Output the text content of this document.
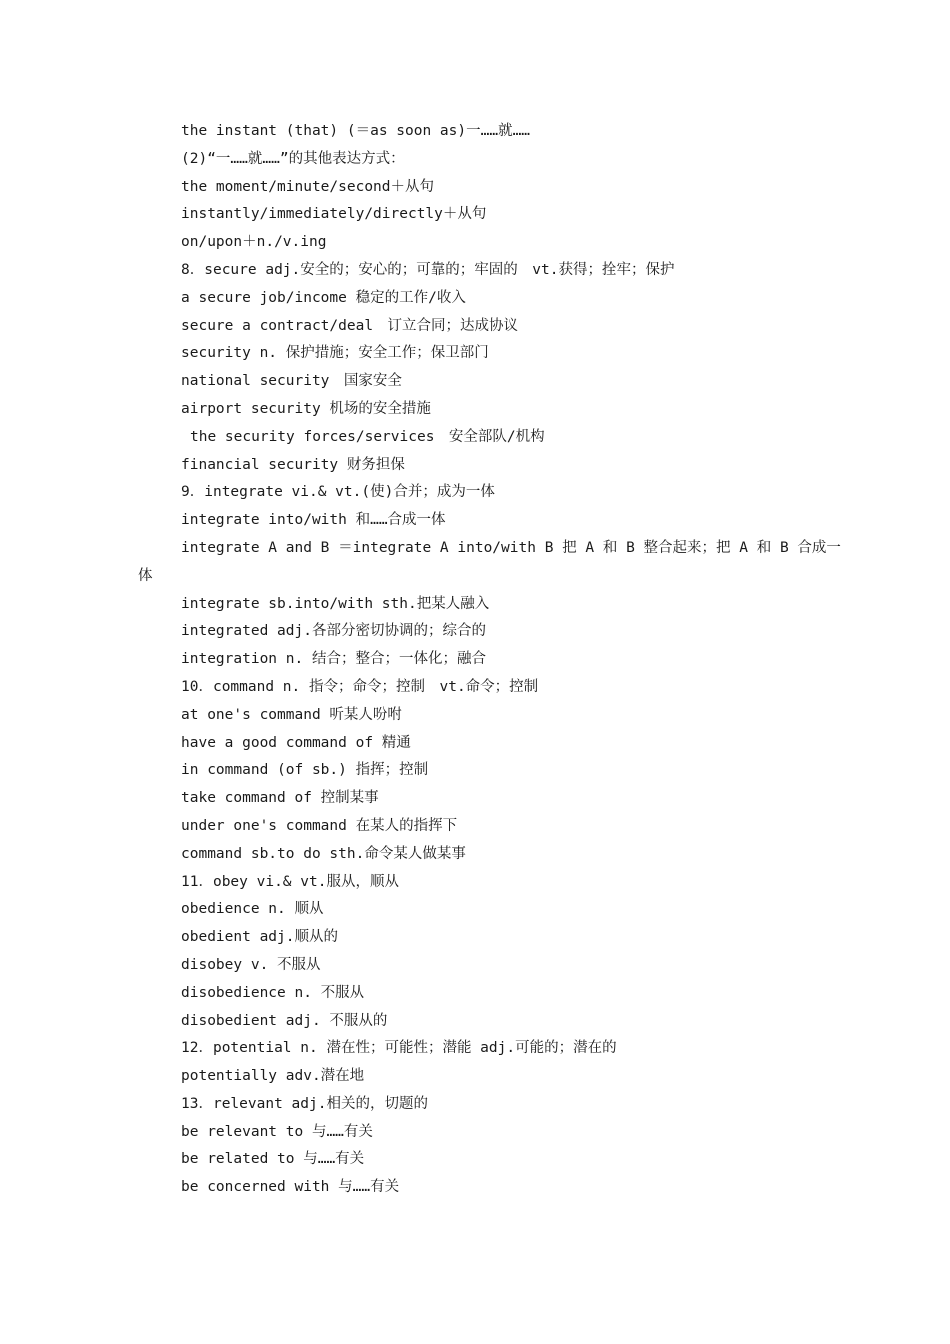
the instant (that) (＝as soon as)一……就……
(2)“一……就……”的其他表达方式：
the moment/minute/second＋从句
instantly/immediately/directly＋从句
on/upon＋n./v.ing
8．secure adj.安全的；安心的；可靠的；牢固的　vt.获得；拴牢；保护
a secure job/income 稳定的工作/收入
secure a contract/deal　订立合同；达成协议
security n. 保护措施；安全工作；保卫部门
national security　国家安全
airport security 机场的安全措施
the security forces/services　安全部队/机构
financial security 财务担保
9．integrate vi.& vt.(使)合并；成为一体
integrate into/with 和……合成一体
integrate A and B ＝integrate A into/with B 把 A 和 B 整合起来；把 A 和 B 合成一
体
integrate sb.into/with sth.把某人融入
integrated adj.各部分密切协调的；综合的
integration n. 结合；整合；一体化；融合
10．command n. 指令；命令；控制　vt.命令；控制
at one's command 听某人吩咐
have a good command of 精通
in command (of sb.) 指挥；控制
take command of 控制某事
under one's command 在某人的指挥下
command sb.to do sth.命令某人做某事
11．obey vi.& vt.服从，顺从
obedience n. 顺从
obedient adj.顺从的
disobey v. 不服从
disobedience n. 不服从
disobedient adj. 不服从的
12．potential n. 潜在性；可能性；潜能 adj.可能的；潜在的
potentially adv.潜在地
13．relevant adj.相关的，切题的
be relevant to 与……有关
be related to 与……有关
be concerned with 与……有关
